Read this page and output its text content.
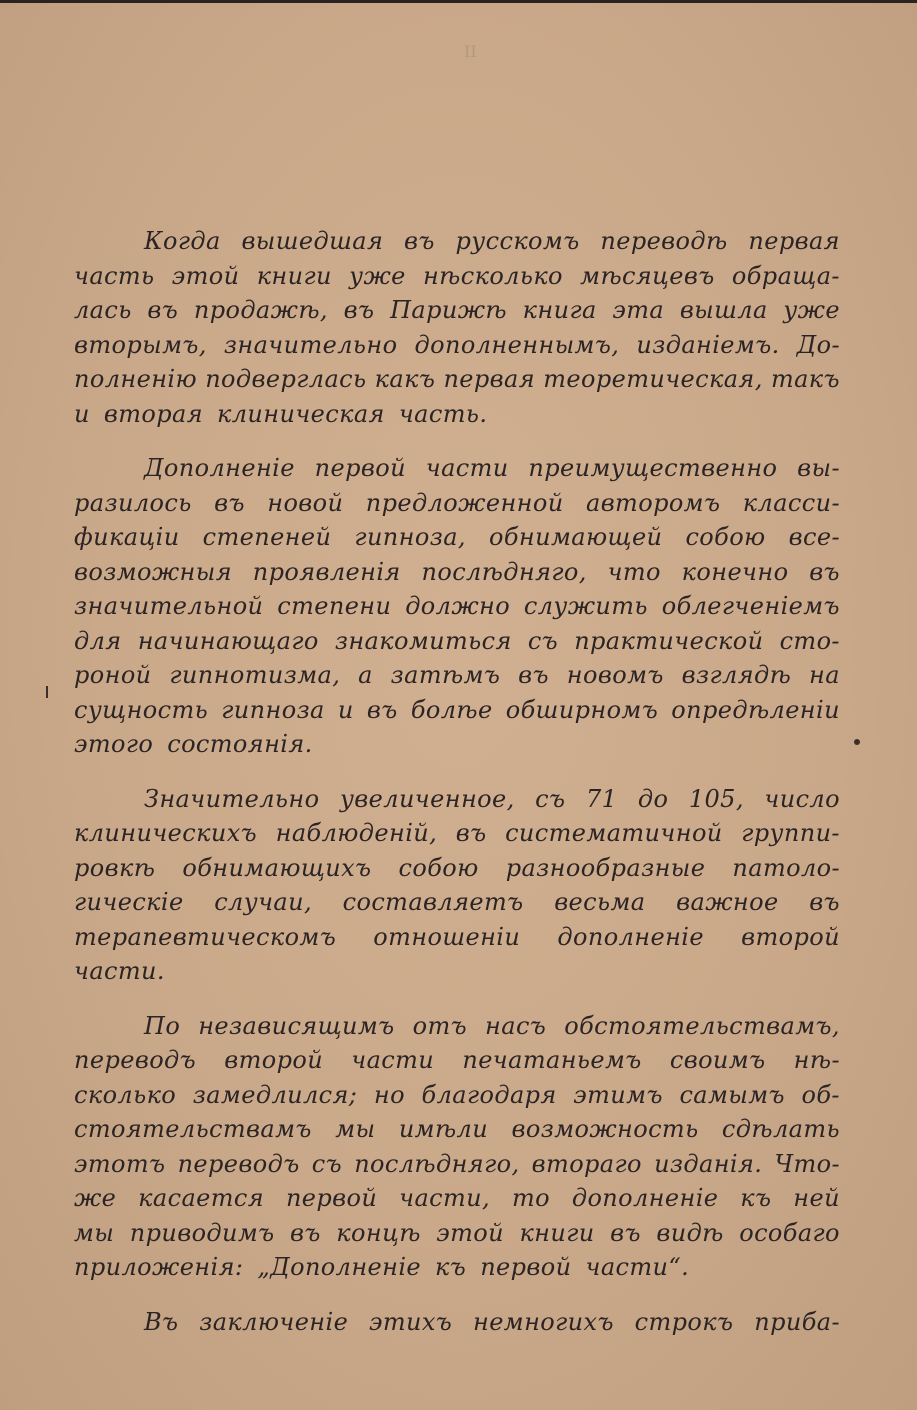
II
Когда вышедшая въ русскомъ переводѣ первая
часть этой книги уже нѣсколько мѣсяцевъ обраща-
лась въ продажѣ, въ Парижѣ книга эта вышла уже
вторымъ, значительно дополненнымъ, изданіемъ. До-
полненію подверглась какъ первая теоретическая, такъ
и вторая клиническая часть.
Дополненіе первой части преимущественно вы-
разилось въ новой предложенной авторомъ класси-
фикаціи степеней гипноза, обнимающей собою все-
возможныя проявленія послѣдняго, что конечно въ
значительной степени должно служить облегченіемъ
для начинающаго знакомиться съ практической сто-
роной гипнотизма, а затѣмъ въ новомъ взглядѣ на
сущность гипноза и въ болѣе обширномъ опредѣленіи
этого состоянія.
Значительно увеличенное, съ 71 до 105, число
клиническихъ наблюденій, въ систематичной группи-
ровкѣ обнимающихъ собою разнообразные патоло-
гическіе случаи, составляетъ весьма важное въ
терапевтическомъ отношеніи дополненіе второй
части.
По независящимъ отъ насъ обстоятельствамъ,
переводъ второй части печатаньемъ своимъ нѣ-
сколько замедлился; но благодаря этимъ самымъ об-
стоятельствамъ мы имѣли возможность сдѣлать
этотъ переводъ съ послѣдняго, втораго изданія. Что-
же касается первой части, то дополненіе къ ней
мы приводимъ въ концѣ этой книги въ видѣ особаго
приложенія: „Дополненіе къ первой части“.
Въ заключеніе этихъ немногихъ строкъ приба-
